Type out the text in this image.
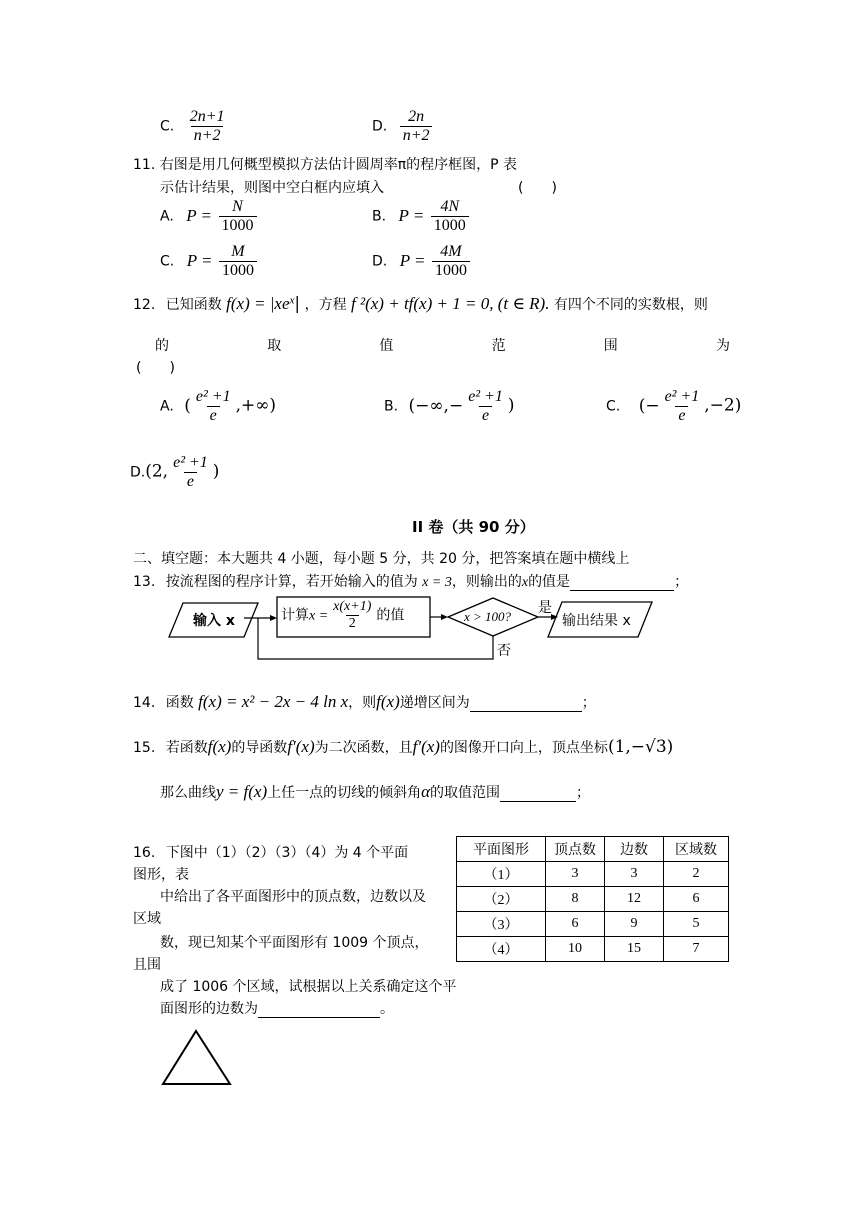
C. $\frac{2n+1}{n+2}$	D. $\frac{2n}{n+2}$
11. 右图是用几何概型模拟方法估计圆周率π的程序框图，P 表
示估计结果，则图中空白框内应填入	(　　)
A. $P = \frac{N}{1000}$	B. $P = \frac{4N}{1000}$
C. $P = \frac{M}{1000}$	D. $P = \frac{4M}{1000}$
12. 已知函数 $f(x) = |xe^x|$ ，方程 f ²(x) + tf(x) + 1 = 0, (t ∈ R). 有四个不同的实数根，则
的	取	值	范	围	为
(　　)
A. ( $\frac{\text{e² +1}}{e}$ ,+∞)	B. (−∞,− $\frac{\text{e² +1}}{e}$ )	C. (− $\frac{\text{e² +1}}{e} ,-2$)
D.(2, $\frac{\text{e² +1}}{e}$ )
II 卷（共 90 分）
二、填空题：本大题共 4 小题，每小题 5 分，共 20 分，把答案填在题中横线上
13. 按流程图的程序计算，若开始输入的值为 x = 3，则输出的x的值是	；
输入 x	计算$x = \frac{x(x+1)}{2}$ 的值	x > 100?
是
否
输出结果 x
14. 函数 f(x) = x² − 2x − 4 ln x，则f(x)递增区间为	；
15. 若函数f(x)的导函数f′(x)为二次函数，且f′(x)的图像开口向上，顶点坐标(1,−√3)
那么曲线y = f(x)上任一点的切线的倾斜角α的取值范围	；
16. 下图中（1）（2）（3）（4）为 4 个平面
图形，表
中给出了各平面图形中的顶点数，边数以及
区域
数，现已知某个平面图形有 1009 个顶点，
且围
成了 1006 个区域，试根据以上关系确定这个平
面图形的边数为	。
平面图形	顶点数	边数	区域数
（1）	3	3	2
（2）	8	12	6
（3）	6	9	5
（4）	10	15	7
